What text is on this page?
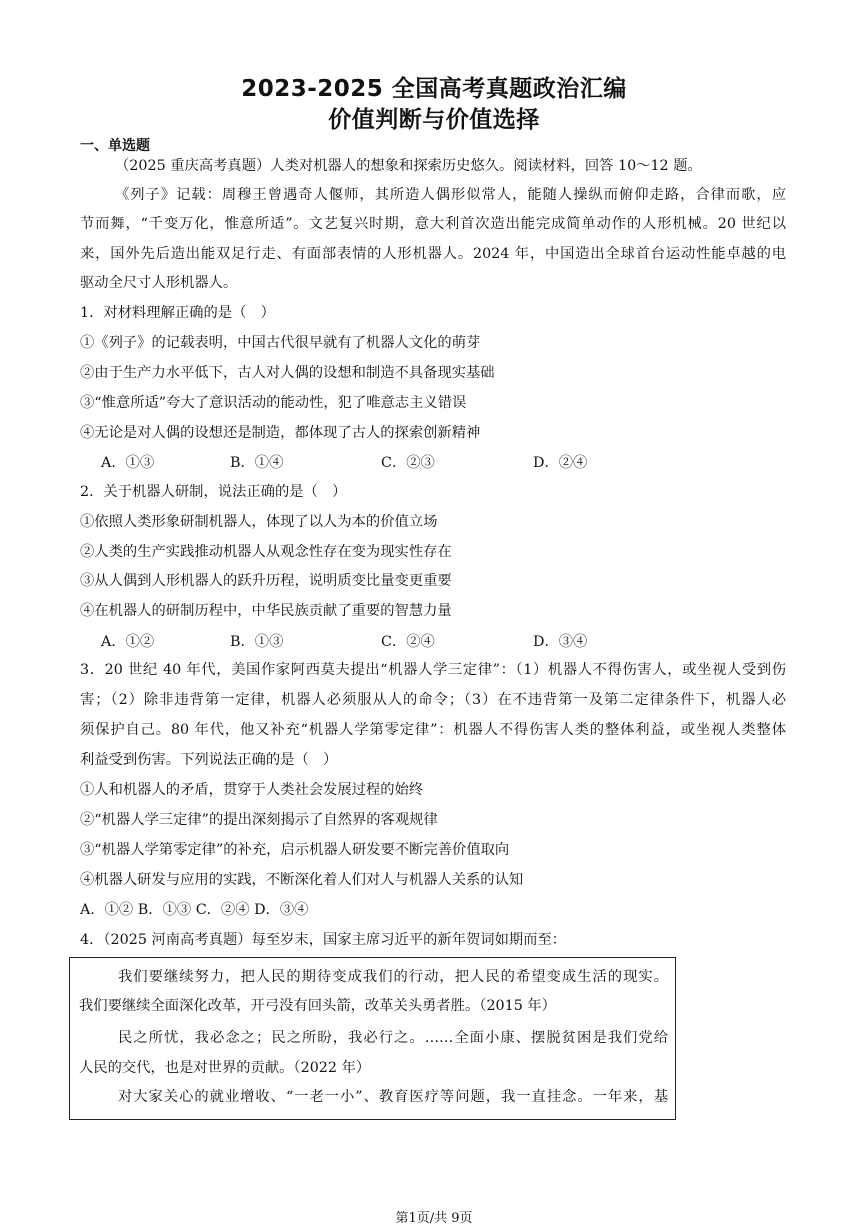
2023-2025 全国高考真题政治汇编
价值判断与价值选择
一、单选题
（2025 重庆高考真题）人类对机器人的想象和探索历史悠久。阅读材料，回答 10～12 题。
《列子》记载：周穆王曾遇奇人偃师，其所造人偶形似常人，能随人操纵而俯仰走路，合律而歌，应
节而舞，“千变万化，惟意所适”。文艺复兴时期，意大利首次造出能完成简单动作的人形机械。20 世纪以
来，国外先后造出能双足行走、有面部表情的人形机器人。2024 年，中国造出全球首台运动性能卓越的电
驱动全尺寸人形机器人。
1．对材料理解正确的是（　）
①《列子》的记载表明，中国古代很早就有了机器人文化的萌芽
②由于生产力水平低下，古人对人偶的设想和制造不具备现实基础
③“惟意所适”夸大了意识活动的能动性，犯了唯意志主义错误
④无论是对人偶的设想还是制造，都体现了古人的探索创新精神
A．①③	B．①④	C．②③	D．②④
2．关于机器人研制，说法正确的是（　）
①依照人类形象研制机器人，体现了以人为本的价值立场
②人类的生产实践推动机器人从观念性存在变为现实性存在
③从人偶到人形机器人的跃升历程，说明质变比量变更重要
④在机器人的研制历程中，中华民族贡献了重要的智慧力量
A．①②	B．①③	C．②④	D．③④
3．20 世纪 40 年代，美国作家阿西莫夫提出“机器人学三定律”：（1）机器人不得伤害人，或坐视人受到伤
害；（2）除非违背第一定律，机器人必须服从人的命令；（3）在不违背第一及第二定律条件下，机器人必
须保护自己。80 年代，他又补充“机器人学第零定律”：机器人不得伤害人类的整体利益，或坐视人类整体
利益受到伤害。下列说法正确的是（　）
①人和机器人的矛盾，贯穿于人类社会发展过程的始终
②“机器人学三定律”的提出深刻揭示了自然界的客观规律
③“机器人学第零定律”的补充，启示机器人研发要不断完善价值取向
④机器人研发与应用的实践，不断深化着人们对人与机器人关系的认知
A．①② B．①③ C．②④ D．③④
4．（2025 河南高考真题）每至岁末，国家主席习近平的新年贺词如期而至：
我们要继续努力，把人民的期待变成我们的行动，把人民的希望变成生活的现实。
我们要继续全面深化改革，开弓没有回头箭，改革关头勇者胜。（2015 年）
民之所忧，我必念之；民之所盼，我必行之。……全面小康、摆脱贫困是我们党给
人民的交代，也是对世界的贡献。（2022 年）
对大家关心的就业增收、“一老一小”、教育医疗等问题，我一直挂念。一年来，基
第1页/共 9页
